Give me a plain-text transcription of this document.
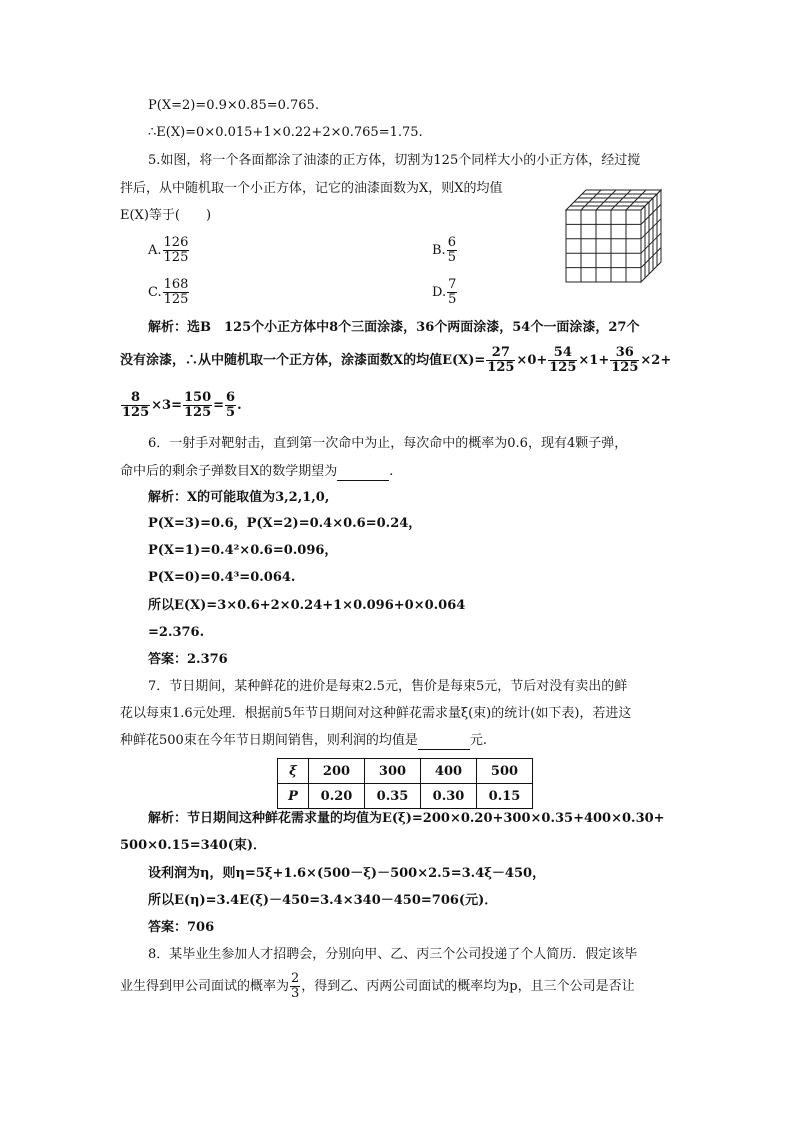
P(X=2)=0.9×0.85=0.765.
∴E(X)=0×0.015+1×0.22+2×0.765=1.75.
5.如图，将一个各面都涂了油漆的正方体，切割为125个同样大小的小正方体，经过搅
拌后，从中随机取一个小正方体，记它的油漆面数为X，则X的均值
E(X)等于(　　)
A. $\frac{126}{125}$	B. $\frac{6}{5}$
C. $\frac{168}{125}$	D. $\frac{7}{5}$
解析：选B　125个小正方体中8个三面涂漆，36个两面涂漆，54个一面涂漆，27个
没有涂漆，∴从中随机取一个正方体，涂漆面数X的均值$E(X)= \frac{27}{125} \times 0+ \frac{54}{125} \times 1+ \frac{36}{125} \times 2+$
$\frac{8}{125} \times 3= \frac{150}{125} = \frac{6}{5}$ .
6．一射手对靶射击，直到第一次命中为止，每次命中的概率为0.6，现有4颗子弹，
命中后的剩余子弹数目X的数学期望为	.
解析：X的可能取值为3,2,1,0,
P(X=3)=0.6，P(X=2)=0.4×0.6=0.24，
P(X=1)=0.4²×0.6=0.096，
P(X=0)=0.4³=0.064.
所以E(X)=3×0.6+2×0.24+1×0.096+0×0.064
=2.376.
答案：2.376
7．节日期间，某种鲜花的进价是每束2.5元，售价是每束5元，节后对没有卖出的鲜
花以每束1.6元处理．根据前5年节日期间对这种鲜花需求量ξ(束)的统计(如下表)，若进这
种鲜花500束在今年节日期间销售，则利润的均值是	元.
ξ	200	300	400	500
P	0.20	0.35	0.30	0.15
解析：节日期间这种鲜花需求量的均值为E(ξ)=200×0.20+300×0.35+400×0.30+
500×0.15=340(束)．
设利润为η，则η=5ξ+1.6×(500－ξ)－500×2.5=3.4ξ－450，
所以E(η)=3.4E(ξ)－450=3.4×340－450=706(元)．
答案：706
8．某毕业生参加人才招聘会，分别向甲、乙、丙三个公司投递了个人简历．假定该毕
业生得到甲公司面试的概率为 $\frac{2}{3}$ ，得到乙、丙两公司面试的概率均为p，且三个公司是否让
